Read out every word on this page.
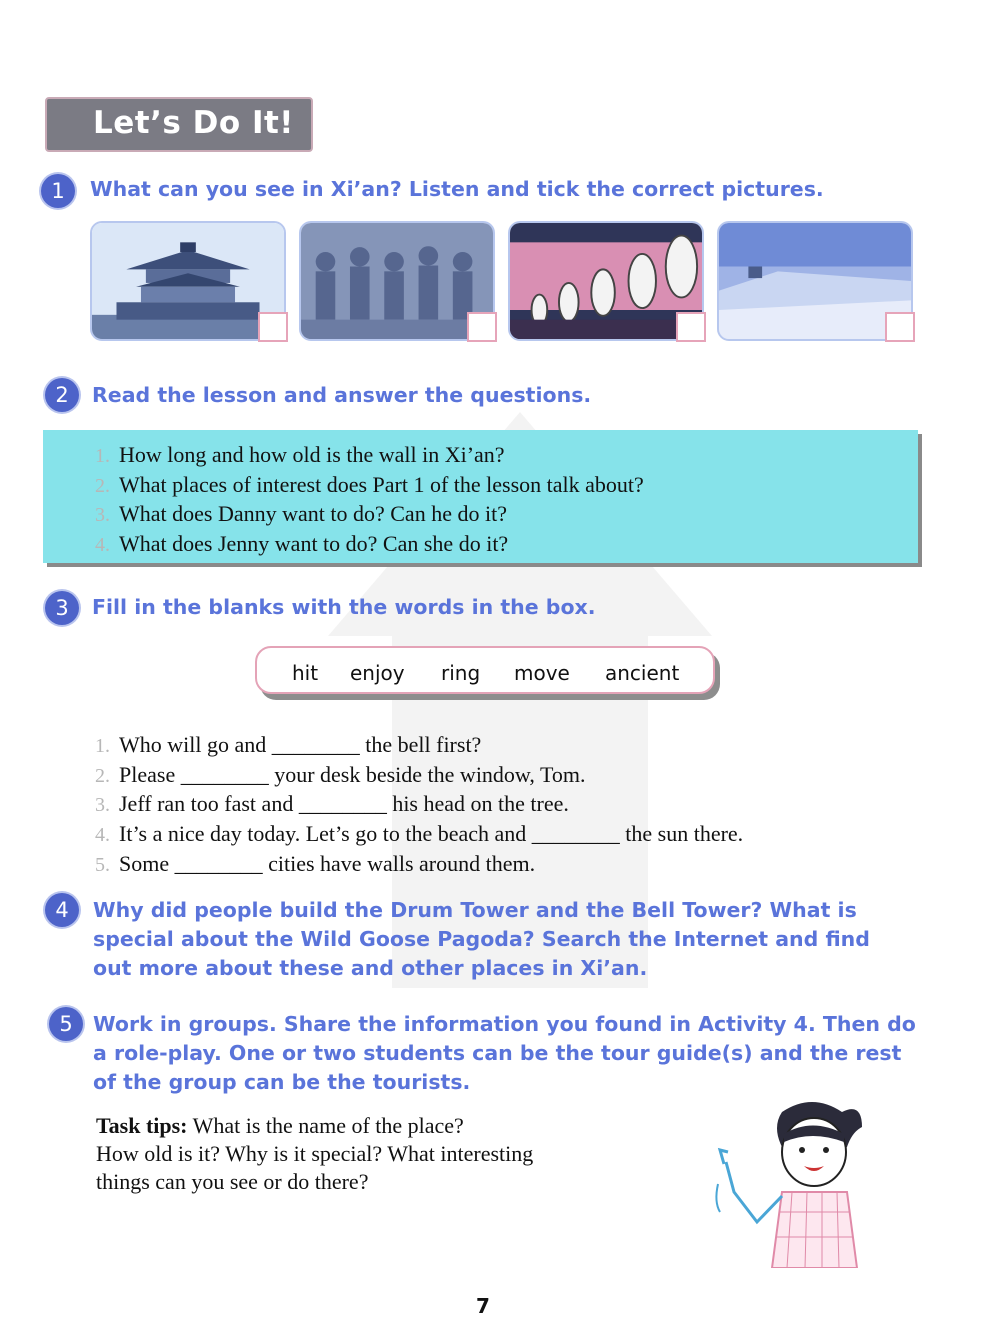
Let’s Do It!
1	What can you see in Xi’an? Listen and tick the correct pictures.
2	Read the lesson and answer the questions.
1. How long and how old is the wall in Xi’an?
2. What places of interest does Part 1 of the lesson talk about?
3. What does Danny want to do? Can he do it?
4. What does Jenny want to do? Can she do it?
3	Fill in the blanks with the words in the box.
hit enjoy ring move ancient
1. Who will go and ________ the bell first?
2. Please ________ your desk beside the window, Tom.
3. Jeff ran too fast and ________ his head on the tree.
4. It’s a nice day today. Let’s go to the beach and ________ the sun there.
5. Some ________ cities have walls around them.
4	Why did people build the Drum Tower and the Bell Tower? What is
special about the Wild Goose Pagoda? Search the Internet and find
out more about these and other places in Xi’an.
5 Work in groups. Share the information you found in Activity 4. Then do
a role-play. One or two students can be the tour guide(s) and the rest
of the group can be the tourists.
Task tips: What is the name of the place?
How old is it? Why is it special? What interesting
things can you see or do there?
7
